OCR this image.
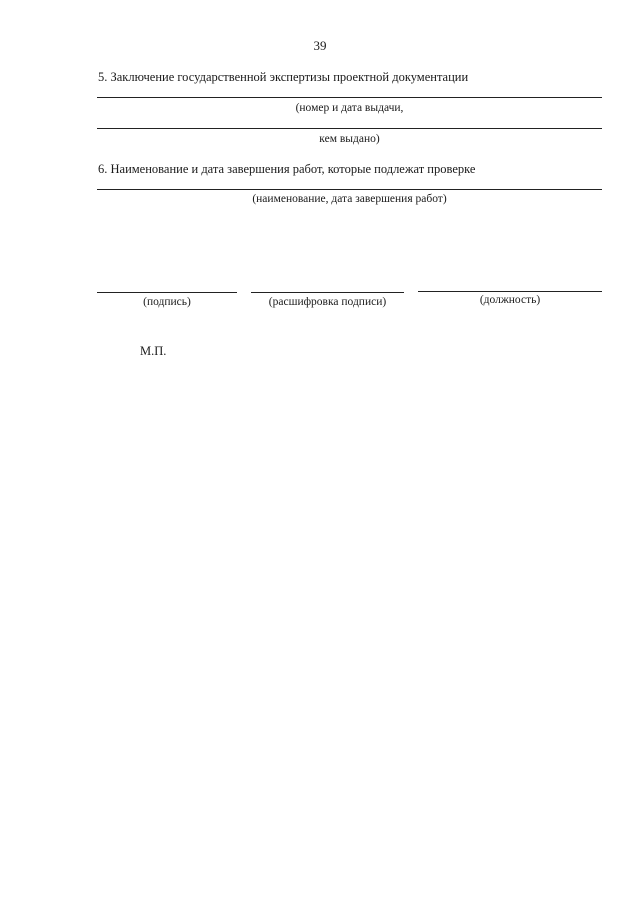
39
5. Заключение государственной экспертизы проектной документации
(номер и дата выдачи,
кем выдано)
6. Наименование и дата завершения работ, которые подлежат проверке
(наименование, дата завершения работ)
(подпись)	(расшифровка подписи)	(должность)
М.П.
